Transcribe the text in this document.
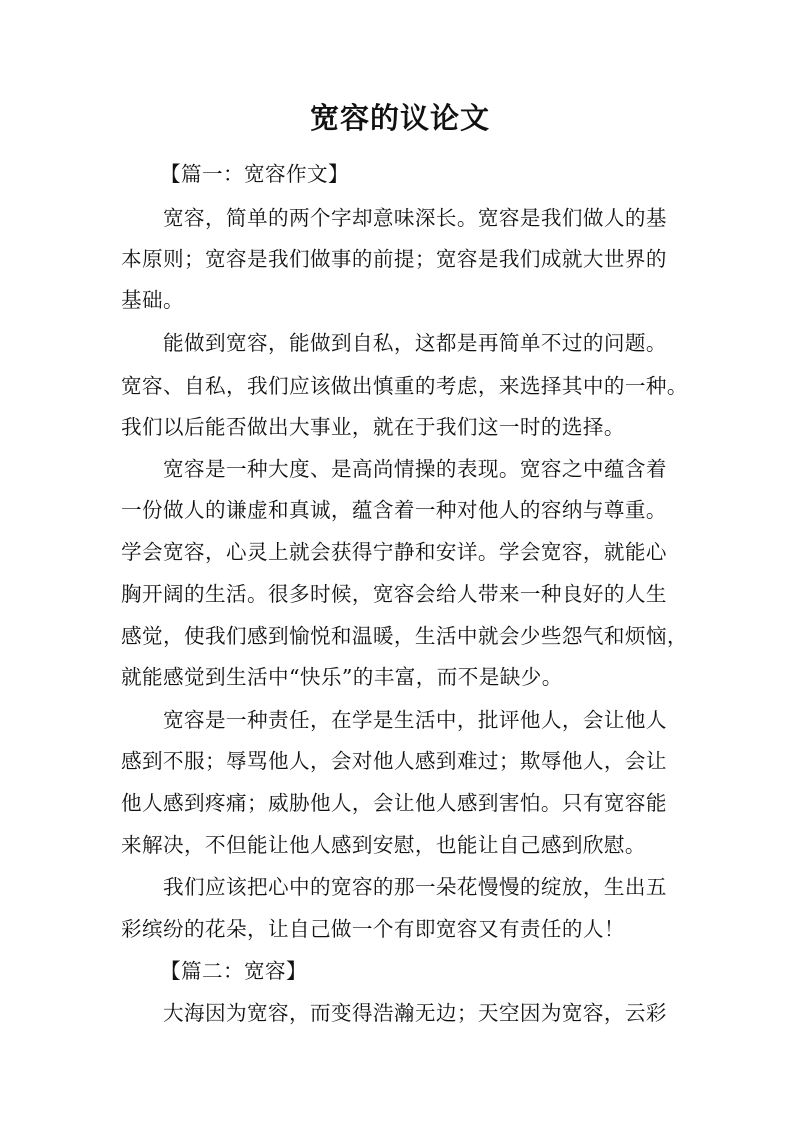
宽容的议论文
【篇一：宽容作文】
宽容，简单的两个字却意味深长。宽容是我们做人的基
本原则；宽容是我们做事的前提；宽容是我们成就大世界的
基础。
能做到宽容，能做到自私，这都是再简单不过的问题。
宽容、自私，我们应该做出慎重的考虑，来选择其中的一种。
我们以后能否做出大事业，就在于我们这一时的选择。
宽容是一种大度、是高尚情操的表现。宽容之中蕴含着
一份做人的谦虚和真诚，蕴含着一种对他人的容纳与尊重。
学会宽容，心灵上就会获得宁静和安详。学会宽容，就能心
胸开阔的生活。很多时候，宽容会给人带来一种良好的人生
感觉，使我们感到愉悦和温暖，生活中就会少些怨气和烦恼，
就能感觉到生活中“快乐”的丰富，而不是缺少。
宽容是一种责任，在学是生活中，批评他人，会让他人
感到不服；辱骂他人，会对他人感到难过；欺辱他人，会让
他人感到疼痛；威胁他人，会让他人感到害怕。只有宽容能
来解决，不但能让他人感到安慰，也能让自己感到欣慰。
我们应该把心中的宽容的那一朵花慢慢的绽放，生出五
彩缤纷的花朵，让自己做一个有即宽容又有责任的人！
【篇二：宽容】
大海因为宽容，而变得浩瀚无边；天空因为宽容，云彩
